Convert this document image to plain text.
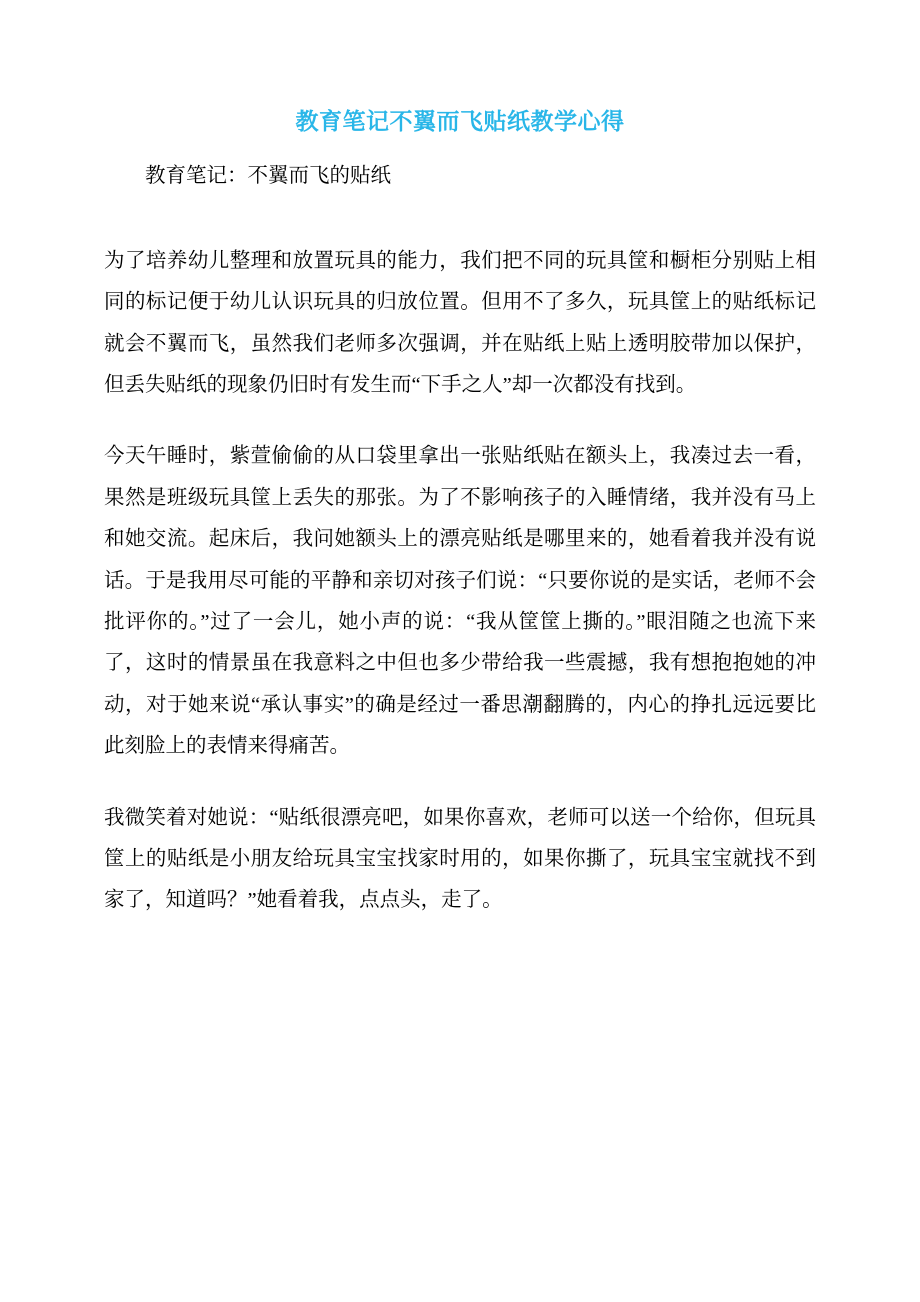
教育笔记不翼而飞贴纸教学心得

教育笔记：不翼而飞的贴纸

为了培养幼儿整理和放置玩具的能力，我们把不同的玩具筐和橱柜分别贴上相同的标记便于幼儿认识玩具的归放位置。但用不了多久，玩具筐上的贴纸标记就会不翼而飞，虽然我们老师多次强调，并在贴纸上贴上透明胶带加以保护，但丢失贴纸的现象仍旧时有发生而“下手之人”却一次都没有找到。

今天午睡时，紫萱偷偷的从口袋里拿出一张贴纸贴在额头上，我凑过去一看，果然是班级玩具筐上丢失的那张。为了不影响孩子的入睡情绪，我并没有马上和她交流。起床后，我问她额头上的漂亮贴纸是哪里来的，她看着我并没有说话。于是我用尽可能的平静和亲切对孩子们说：“只要你说的是实话，老师不会批评你的。”过了一会儿，她小声的说：“我从筐筐上撕的。”眼泪随之也流下来了，这时的情景虽在我意料之中但也多少带给我一些震撼，我有想抱抱她的冲动，对于她来说“承认事实”的确是经过一番思潮翻腾的，内心的挣扎远远要比此刻脸上的表情来得痛苦。

我微笑着对她说：“贴纸很漂亮吧，如果你喜欢，老师可以送一个给你，但玩具筐上的贴纸是小朋友给玩具宝宝找家时用的，如果你撕了，玩具宝宝就找不到家了，知道吗？”她看着我，点点头，走了。
